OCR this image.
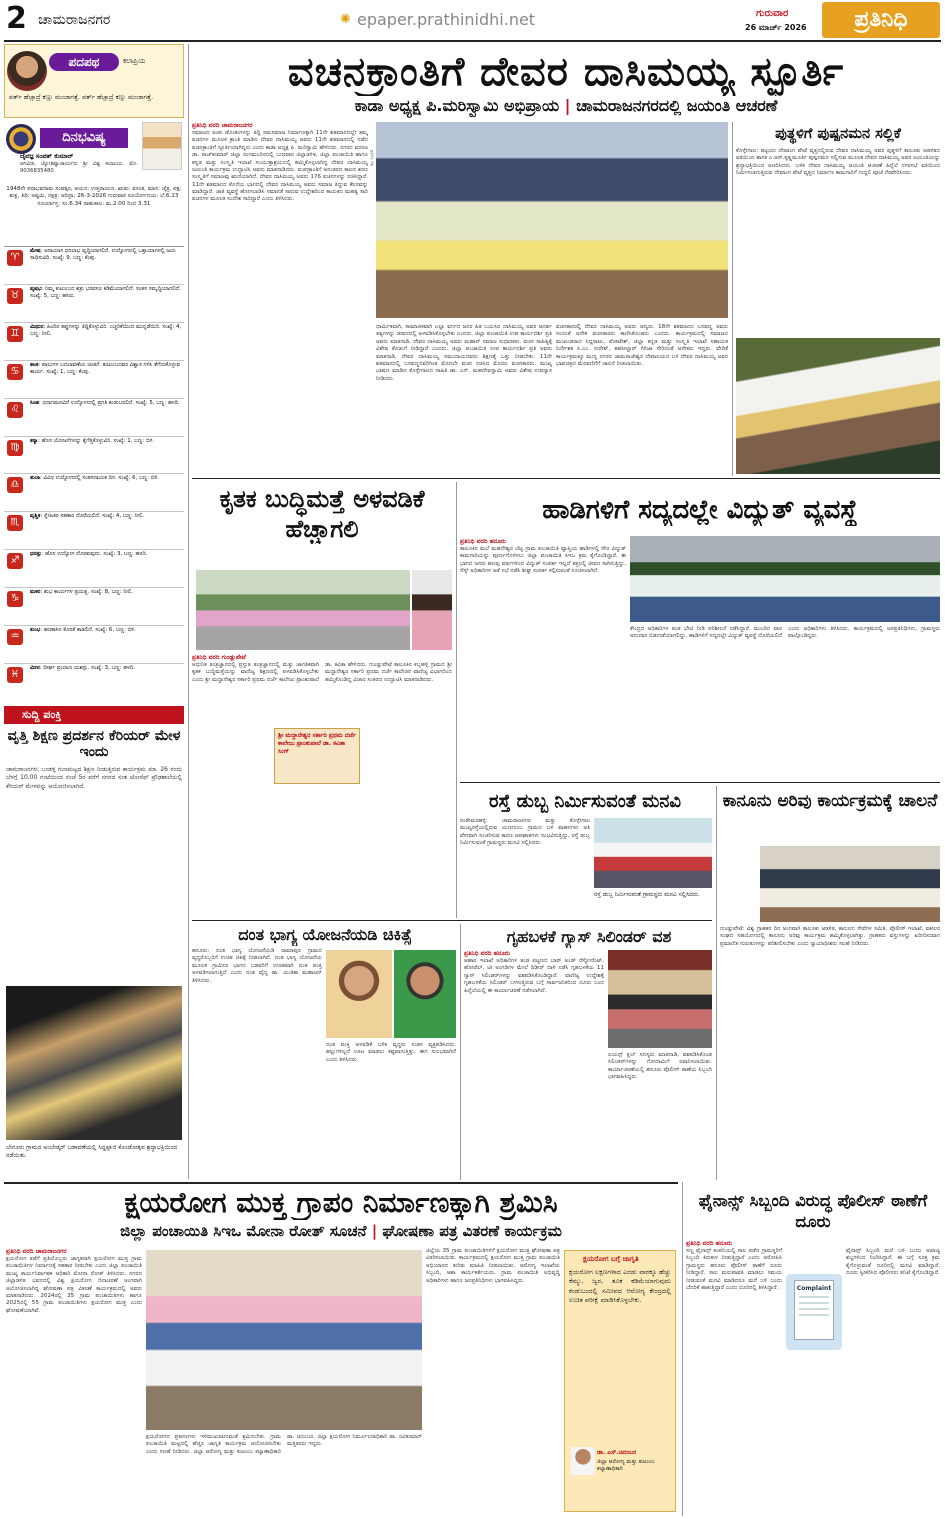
2 ಚಾಮರಾಜನಗರ	✺ epaper.prathinidhi.net	ಗುರುವಾರ
26 ಮಾರ್ಚ್ 2026	ಪ್ರತಿನಿಧಿ
ಪದಪಥ	ಕಲಾಪ್ರಿಯ
ವರ್ತ್ ಹೆಚ್ಚಾದ್ರೆ ಕಣ್ಣು ಮಂಜಾಗತ್ತೆ. ವರ್ತ್ ಹೆಚ್ಚಾದ್ರೆ ಕಣ್ಣು ಮಂಜಾಗತ್ತೆ.
ದಿನಭವಿಷ್ಯ
ದೈವಜ್ಞ ಸಂಪತ್ ಕುಮಾರ್
ಆಗಮಿಕ, ಜ್ಯೋತಿಷ್ಯಾಚಾರ್ಯರು ಶ್ರೀ ವಿಶ್ವ ಕಲಾಲಯ. ಮೊ. 9036835480
1948ನೇ ಪರಾಭವನಾಮ ಸಂವತ್ಸರ, ಆಯನ: ಉತ್ತರಾಯಣ, ಋತು: ವಸಂತ, ಮಾಸ: ಚೈತ್ರ, ಪಕ್ಷ: ಶುಕ್ಲ, ತಿಥಿ: ಅಷ್ಟಮಿ, ನಕ್ಷತ್ರ: ಆರಿದ್ರಾ, 26-3-2026 ಗುರುವಾರ ಸೂರ್ಯೋದಯ: ಬೆ.6.23 ಸೂರ್ಯಾಸ್ತ: ಸಂ.6.34 ರಾಹುಕಾಲ: ಮ.2.00 ರಿಂದ 3.31
♈
ಮೇಷ: ಅನಾಯಾಸ ಧನಲಾಭ ವೃದ್ಧಿಯಾಗಲಿದೆ. ಉದ್ಯೋಗದಲ್ಲಿ ಒತ್ತಾಯಾಗಳಲ್ಲಿ ಜಯ ಸಾಧಿಸುವಿರಿ. ಸಂಖ್ಯೆ: 9, ಬಣ್ಣ: ಕೆಂಪು.
♉
ವೃಷಭ: ನಿಮ್ಮ ಕುಟುಂಬದ ಶತ್ರು ಭರವಸೂ ಕಡಿಮೆಯಾಗಲಿದೆ. ಸಂತಸ ಸಮೃದ್ಧಿಯಾಗಲಿದೆ. ಸಂಖ್ಯೆ: 5, ಬಣ್ಣ: ಹಸಿರು.
♊
ಮಿಥುನ: ಹಿಂದಿನ ತಪ್ಪುಗಳನ್ನು ತಿದ್ದಿಕೊಳ್ಳುವಿರಿ. ಎಚ್ಚರಿಕೆಯಿಂದ ಮುನ್ನಡೆಯಿರಿ. ಸಂಖ್ಯೆ: 4, ಬಣ್ಣ: ನೀಲಿ.
♋
ಕಟಕ: ಪಾಲುಗಳ ಬದಲಾವಣೆಯ ಚಿಂತನೆ. ಕುಟುಂಬದವರ ವಿಶ್ವಾಸ ಗಳಿಸಿ ತೆಗೆದುಕೊಳ್ಳುವ ಕಾರ್ಯ. ಸಂಖ್ಯೆ: 1, ಬಣ್ಣ: ಕೆಂಪು.
♌
ಸಿಂಹ: ಧನಾಗಮನವಿದೆ ಉದ್ಯೋಗದಲ್ಲಿ ಪ್ರಗತಿ ಕಂಡುಬರಲಿದೆ. ಸಂಖ್ಯೆ: 5, ಬಣ್ಣ: ಹಳದಿ.
♍
ಕನ್ಯಾ: ಹೊಸ ಯೋಜನೆಗಳನ್ನು ಕೈಗೆತ್ತಿಕೊಳ್ಳುವಿರಿ. ಸಂಖ್ಯೆ: 1, ಬಣ್ಣ: ಬಿಳಿ.
♎
ತುಲಾ: ವಿವಿಧ ಉದ್ಯೋಗದಲ್ಲಿ ಸಂತಸದಾಯಕ ದಿನ. ಸಂಖ್ಯೆ: 6, ಬಣ್ಣ: ಬಿಳಿ.
♏
ವೃಶ್ಚಿಕ: ಸ್ನೇಹಿತರ ಸಹಕಾರ ದೊರೆಯಲಿದೆ. ಸಂಖ್ಯೆ: 4, ಬಣ್ಣ: ನೀಲಿ.
♐
ಧನಸ್ಸು: ಹೊಸ ಉದ್ಯೋಗ ದೊರಕುವುದು. ಸಂಖ್ಯೆ: 3, ಬಣ್ಣ: ಹಳದಿ.
♑
ಮಕರ: ಶುಭ ಕಾರ್ಯಗಳ ಪ್ರಯತ್ನ. ಸಂಖ್ಯೆ: 8, ಬಣ್ಣ: ನೀಲಿ.
♒
ಕುಂಭ: ಹಣಕಾಸಿನ ಕೊರತೆ ಕಾಡಲಿದೆ. ಸಂಖ್ಯೆ: 6, ಬಣ್ಣ: ಬಿಳಿ.
♓
ಮೀನ: ದೀರ್ಘ ಪ್ರಯಾಣ ಯಶಸ್ಸು. ಸಂಖ್ಯೆ: 3, ಬಣ್ಣ: ಹಳದಿ.
ಸುದ್ದಿ ಪಂಕ್ತಿ
ವೃತ್ತಿ ಶಿಕ್ಷಣ ಪ್ರದರ್ಶನ ಕೆರಿಯರ್ ಮೇಳ ಇಂದು
ಚಾಮರಾಜನಗರ: ಬಂಡಳ್ಳಿ ಗುಣಮಟ್ಟದ ಶಿಕ್ಷಣ ನೀಡುತ್ತಿರುವ ಕಾರ್ಯಕ್ರಮ ಮಾ. 26 ರಂದು ಬೆಳಗ್ಗೆ 10.00 ಗಂಟೆಯಿಂದ ಸಂಜೆ 5ರ ವರೆಗೆ ನಗರದ ಸಂತ ಜೋಸೆಫ್ ಪ್ರೌಢಶಾಲೆಯಲ್ಲಿ ಕೆರಿಯರ್ ಮೇಳವನ್ನು ಆಯೋಜಿಸಲಾಗಿದೆ.
ಬೇಗೂರು ಗ್ರಾಮದ ಅಂಬೇಡ್ಕರ್ ಬಡಾವಣೆಯಲ್ಲಿ ಸಿದ್ದಪ್ಪಾಜಿ ಕೊಂಡೋತ್ಸವ ಶ್ರದ್ಧಾಭಕ್ತಿಯಿಂದ ನಡೆಯಿತು.
ವಚನಕ್ರಾಂತಿಗೆ ದೇವರ ದಾಸಿಮಯ್ಯ ಸ್ಫೂರ್ತಿ
ಕಾಡಾ ಅಧ್ಯಕ್ಷ ಪಿ.ಮರಿಸ್ವಾಮಿ ಅಭಿಪ್ರಾಯ | ಚಾಮರಾಜನಗರದಲ್ಲಿ ಜಯಂತಿ ಆಚರಣೆ
ಪ್ರತಿನಿಧಿ ವರದಿ ಚಾಮರಾಜನಗರ
ಸಮಾಜದ ಅಂಕು ಡೊಂಕುಗಳನ್ನು ತಿದ್ದಿ ಸಮಸಮಾಜ ನಿರ್ಮಾಣಕ್ಕಾಗಿ 11ನೇ ಶತಮಾನದಲ್ಲೇ ತಮ್ಮ ವಚನಗಳ ಮೂಲಕ ಕ್ರಾಂತಿ ಮಾಡಿದ ದೇವರ ದಾಸಿಮಯ್ಯ ಅವರು 11ನೇ ಶತಮಾನದಲ್ಲಿ ನಡೆದ ವಚನಕ್ರಾಂತಿಗೆ ಸ್ಫೂರ್ತಿಯಾಗಿದ್ದರು ಎಂದು ಕಾಡಾ ಅಧ್ಯಕ್ಷ ಪಿ. ಮರಿಸ್ವಾಮಿ ಹೇಳಿದರು. ನಗರದ ವರನಟ ಡಾ. ರಾಜ್‍ಕುಮಾರ್ ಜಿಲ್ಲಾ ರಂಗಮಂದಿರದಲ್ಲಿ ಬುಧವಾರ ಜಿಲ್ಲಾಡಳಿತ, ಜಿಲ್ಲಾ ಪಂಚಾಯಿತಿ ಹಾಗೂ ಕನ್ನಡ ಮತ್ತು ಸಂಸ್ಕೃತಿ ಇಲಾಖೆ ಸಂಯುಕ್ತಾಶ್ರಯದಲ್ಲಿ ಹಮ್ಮಿಕೊಳ್ಳಲಾಗಿದ್ದ ದೇವರ ದಾಸಿಮಯ್ಯ ಜಯಂತಿ ಕಾರ್ಯಕ್ರಮ ಉದ್ಘಾಟಿಸಿ ಅವರು ಮಾತನಾಡಿದರು. ವಚನಕ್ರಾಂತಿಗೆ ಅನಂತರದ ಕಾಲದ ಶರಣ ಸಂಸ್ಕೃತಿಗೆ ಸಮಾಜವು ಋಣಿಯಾಗಿದೆ. ದೇವರ ದಾಸಿಮಯ್ಯ ಅವರು 176 ವಚನಗಳನ್ನು ರಚಿಸಿದ್ದಾರೆ. 11ನೇ ಶತಮಾನದ ಕೊನೆಯ ಭಾಗದಲ್ಲಿ ದೇವರ ದಾಸಿಮಯ್ಯ ಅವರು ಸಮಾಜ ತಿದ್ದುವ ಕೆಲಸವನ್ನು ಮಾಡಿದ್ದಾರೆ. ಜಾತಿ ವ್ಯವಸ್ಥೆ ಹೋಗಲಾಡಿಸಿ ಸಮಾನತೆ ಸಾರುವ ಉದ್ದೇಶದಿಂದ ಕಾಯಕದ ಮಹತ್ವ ಸಾರಿ ವಚನಗಳ ಮೂಲಕ ಸಂದೇಶ ಸಾರಿದ್ದಾರೆ ಎಂದು ತಿಳಿಸಿದರು.
ಪ್ರತಿನಿಧಿ ಚಿತ್ರ
ಧಾರ್ಮಿಕವಾಗಿ, ಸಾಮಾಜಿಕವಾಗಿ ಎಲ್ಲಾ ವರ್ಗದ ಜನರ ಹಿತ ಬಯಸಿದ ದಾಸಿಮಯ್ಯ ಅವರ ಆದರ್ಶ ತತ್ವಗಳನ್ನು ಜೀವನದಲ್ಲಿ ಅಳವಡಿಸಿಕೊಳ್ಳಬೇಕು ಎಂದರು. ಜಿಲ್ಲಾ ಪಂಚಾಯಿತಿ ಉಪ ಕಾರ್ಯದರ್ಶಿ ಪ್ರತಿ ಅವರು ಮಾತನಾಡಿ, ದೇವರ ದಾಸಿಮಯ್ಯ ಅವರು ಮಹಾನ್ ಸಮಾಜ ಸುಧಾರಕರು. ವಚನ ಸಾಹಿತ್ಯಕ್ಕೆ ವಿಶೇಷ ಕೊಡುಗೆ ನೀಡಿದ್ದಾರೆ ಎಂದರು. ಜಿಲ್ಲಾ ಪಂಚಾಯಿತಿ ಉಪ ಕಾರ್ಯದರ್ಶಿ ಪ್ರತಿ ಅವರು ಮಾತನಾಡಿ, ದೇವರ ದಾಸಿಮಯ್ಯ ಸಮುದಾಯದವರು ಶಿಕ್ಷಣಕ್ಕೆ ಒತ್ತು ನೀಡಬೇಕು. 11ನೇ ಶತಮಾನದಲ್ಲಿ ಬಸವಣ್ಣನವರಿಗಿಂತ ಮೊದಲೇ ವಚನ ರಚಿಸಿದ ಮೊದಲ ವಚನಕಾರರು. ಮುಖ್ಯ ಭಾಷಣ ಮಾಡಿದ ಕೊಳ್ಳೇಗಾಲದ ಸಾಹಿತಿ ಡಾ. ಎನ್. ಮಹದೇವಸ್ವಾಮಿ ಅವರು ವಿಶೇಷ ಉಪನ್ಯಾಸ ನೀಡಿದರು.
ವಚನಕಾರರಲ್ಲಿ ದೇವರ ದಾಸಿಮಯ್ಯ ಅವರು ಆದ್ಯರು. 18ನೇ ಶತಮಾನದ ಬಸವಣ್ಣ ಅವರು ಸಂದಂತೆ ಅನೇಕ ವಚನಕಾರರು ಕಾಣಿಸಿಕೊಂಡರು ಎಂದರು. ಕಾರ್ಯಕ್ರಮದಲ್ಲಿ ಸಮಾಜದ ಮುಖಂಡರಾದ ಸಿದ್ದರಾಜು, ವೆಂಕಟೇಶ್, ಜಿಲ್ಲಾ ಕನ್ನಡ ಮತ್ತು ಸಂಸ್ಕೃತಿ ಇಲಾಖೆ ಸಹಾಯಕ ನಿರ್ದೇಶಕ ಸಿ.ಎಂ. ಸುರೇಶ್, ತಹಸೀಲ್ದಾರ್ ಗಿರಿಜಾ ಸೇರಿದಂತೆ ಅನೇಕರು ಇದ್ದರು. ವೇದಿಕೆ ಕಾರ್ಯಕ್ರಮಕ್ಕೂ ಮುನ್ನ ನಗರದ ಚಾಮರಾಜೇಶ್ವರ ದೇವಾಲಯದ ಬಳಿ ದೇವರ ದಾಸಿಮಯ್ಯ ಅವರ ಭಾವಚಿತ್ರದ ಮೆರವಣಿಗೆಗೆ ಚಾಲನೆ ನೀಡಲಾಯಿತು.
ಪುತ್ಥಳಿಗೆ ಪುಷ್ಪನಮನ ಸಲ್ಲಿಕೆ
ಕೊಳ್ಳೇಗಾಲ: ಪಟ್ಟಣದ ದೇವಾಂಗ ಪೇಟೆ ವೃತ್ತದಲ್ಲಿರುವ ದೇವರ ದಾಸಿಮಯ್ಯ ಅವರ ಪುತ್ಥಳಿಗೆ ತಾಲೂಕು ಆಡಳಿತದ ವತಿಯಿಂದ ಶಾಸಕ ಎ.ಆರ್.ಕೃಷ್ಣಮೂರ್ತಿ ಪುಷ್ಪನಮನ ಸಲ್ಲಿಸುವ ಮೂಲಕ ದೇವರ ದಾಸಿಮಯ್ಯ ಅವರ ಜಯಂತಿಯನ್ನು ಶ್ರದ್ಧಾಭಕ್ತಿಯಿಂದ ಆಚರಿಸಿದರು. ಬಳಿಕ ದೇವರ ದಾಸಿಮಯ್ಯ ಜಯಂತಿ ಆಚರಣೆ ಹಿನ್ನೆಲೆ ನಗರಸಭೆ ವತಿಯಿಂದ ನಿರ್ಮಿಸಲಾಗುತ್ತಿರುವ ದೇವಾಂಗ ಪೇಟೆ ವೃತ್ತದ ನಿರ್ಮಾಣ ಕಾಮಗಾರಿಗೆ ಗುದ್ದಲಿ ಪೂಜೆ ನೆರವೇರಿಸಿದರು.
ಕೃತಕ ಬುದ್ಧಿಮತ್ತೆ ಅಳವಡಿಕೆ ಹೆಚ್ಚಾಗಲಿ
ಪ್ರತಿನಿಧಿ ವರದಿ ಗುಂಡ್ಲುಪೇಟೆ
ಆಧುನಿಕ ತಂತ್ರಜ್ಞಾನದಲ್ಲಿ ಪ್ರಸ್ತುತ ತಂತ್ರಜ್ಞಾನದಲ್ಲಿ ಮತ್ತು ಜಾಗತಿಕವಾಗಿ ಕೃತಕ ಬುದ್ಧಿಮತ್ತೆಯನ್ನು ವಾಣಿಜ್ಯ ಶಿಕ್ಷಣದಲ್ಲಿ ಅಳವಡಿಸಿಕೊಳ್ಳಬೇಕು ಎಂದು ಶ್ರೀ ಮದ್ದಾನೇಶ್ವರ ಸರ್ಕಾರಿ ಪ್ರಥಮ ದರ್ಜೆ ಕಾಲೇಜು ಪ್ರಾಂಶುಪಾಲೆ ಡಾ. ಕವಿತಾ ಹೇಳಿದರು. ಗುಂಡ್ಲುಪೇಟೆ ತಾಲೂಕಿನ ಕಬ್ಬಹಳ್ಳಿ ಗ್ರಾಮದ ಶ್ರೀ ಮದ್ದಾನೇಶ್ವರ ಸರ್ಕಾರಿ ಪ್ರಥಮ ದರ್ಜೆ ಕಾಲೇಜಿನ ವಾಣಿಜ್ಯ ವಿಭಾಗದಿಂದ ಹಮ್ಮಿಕೊಂಡಿದ್ದ ವಿಚಾರ ಸಂಕಿರಣ ಉದ್ಘಾಟಿಸಿ ಮಾತನಾಡಿದರು.
ಶ್ರೀ ಮದ್ದಾನೇಶ್ವರ ಸರ್ಕಾರಿ ಪ್ರಥಮ ದರ್ಜೆ ಕಾಲೇಜು ಪ್ರಾಂಶುಪಾಲೆ ಡಾ. ಕವಿತಾ ಸಿಂಗ್
ಹಾಡಿಗಳಿಗೆ ಸದ್ಯದಲ್ಲೇ ವಿದ್ಯುತ್ ವ್ಯವಸ್ಥೆ
ಪ್ರತಿನಿಧಿ ವರದಿ ಹನೂರು
ತಾಲೂಕಿನ ಮಲೆ ಮಹದೇಶ್ವರ ಬೆಟ್ಟ ಗ್ರಾಮ ಪಂಚಾಯಿತಿ ವ್ಯಾಪ್ತಿಯ ಹಾಡಿಗಳಲ್ಲಿ ಸೌರ ವಿದ್ಯುತ್ ಕಾಮಗಾರಿಯನ್ನು ಪೂರ್ಣಗೊಳಿಸಲು ಜಿಲ್ಲಾ ಪಂಚಾಯಿತಿ ಸಿಇಒ ಕ್ರಮ ಕೈಗೊಂಡಿದ್ದಾರೆ. ಈ ಭಾಗದ ಜನರು ಹಲವು ವರ್ಷಗಳಿಂದ ವಿದ್ಯುತ್ ಸಂಪರ್ಕ ಇಲ್ಲದೆ ಕತ್ತಲಲ್ಲಿ ಜೀವನ ಸಾಗಿಸುತ್ತಿದ್ದು, ಸೆಸ್ಕ್ ಅಧಿಕಾರಿಗಳ ಜತೆ ಸಭೆ ನಡೆಸಿ ಶೀಘ್ರ ಸಂಪರ್ಕ ಕಲ್ಪಿಸುವಂತೆ ಸೂಚಿಸಲಾಗಿದೆ.
ಕೇಂದ್ರದ ಅಧಿಕಾರಿಗಳ ತಂಡ ಭೇಟಿ ನೀಡಿ ಪರಿಶೀಲನೆ ನಡೆಸಿದ್ದಾರೆ. ಮುಂದಿನ ವಾರ ಅನುದಾನ ಬಿಡುಗಡೆಯಾಗಲಿದ್ದು, ಹಾಡಿಗಳಿಗೆ ಸದ್ಯದಲ್ಲೇ ವಿದ್ಯುತ್ ವ್ಯವಸ್ಥೆ ದೊರೆಯಲಿದೆ ಎಂದು ಅಧಿಕಾರಿಗಳು ತಿಳಿಸಿದರು. ಕಾರ್ಯಕ್ರಮದಲ್ಲಿ ಜನಪ್ರತಿನಿಧಿಗಳು, ಗ್ರಾಮಸ್ಥರು ಪಾಲ್ಗೊಂಡಿದ್ದರು.
ರಸ್ತೆ ಡುಬ್ಬ ನಿರ್ಮಿಸುವಂತೆ ಮನವಿ
ಸಂತೇಮರಹಳ್ಳಿ: ಚಾಮರಾಜನಗರ ಮತ್ತು ಕೊಳ್ಳೇಗಾಲ ಮುಖ್ಯರಸ್ತೆಯಲ್ಲಿರುವ ಯಣಗುಂಬ ಗ್ರಾಮದ ಬಳಿ ವಾಹನಗಳು ಅತಿ ವೇಗವಾಗಿ ಸಂಚರಿಸುವ ಕಾರಣ ಅಪಘಾತಗಳು ಸಂಭವಿಸುತ್ತಿದ್ದು, ರಸ್ತೆ ಡುಬ್ಬ ನಿರ್ಮಿಸುವಂತೆ ಗ್ರಾಮಸ್ಥರು ಮನವಿ ಸಲ್ಲಿಸಿದರು.
ರಸ್ತೆ ಡುಬ್ಬ ನಿರ್ಮಿಸುವಂತೆ ಗ್ರಾಮಸ್ಥರು ಮನವಿ ಸಲ್ಲಿಸಿದರು.
ಕಾನೂನು ಅರಿವು ಕಾರ್ಯಕ್ರಮಕ್ಕೆ ಚಾಲನೆ
ಗುಂಡ್ಲುಪೇಟೆ: ವಿಶ್ವ ಗ್ರಾಹಕರ ದಿನ ಅಂಗವಾಗಿ ತಾಲೂಕು ಆಡಳಿತ, ಕಾನೂನು ಸೇವೆಗಳ ಸಮಿತಿ, ಪೊಲೀಸ್ ಇಲಾಖೆ, ವಕೀಲರ ಸಂಘದ ಸಹಯೋಗದಲ್ಲಿ ಕಾನೂನು ಅರಿವು ಕಾರ್ಯಕ್ರಮ ಹಮ್ಮಿಕೊಳ್ಳಲಾಗಿತ್ತು. ಗ್ರಾಹಕರು ವಸ್ತುಗಳನ್ನು ಖರೀದಿಸುವಾಗ ಪ್ರಮಾಣಿತ ಗುರುತುಗಳನ್ನು ಪರಿಶೀಲಿಸಬೇಕು ಎಂದು ನ್ಯಾಯಾಧೀಶರು ಸಲಹೆ ನೀಡಿದರು.
ದಂತ ಭಾಗ್ಯ ಯೋಜನೆಯಡಿ ಚಿಕಿತ್ಸೆ
ಹನೂರು: ದಂತ ಭಾಗ್ಯ ಯೋಜನೆಯಡಿ ರಾಮಾಪುರ ಗ್ರಾಮದ ವೃದ್ಧರೊಬ್ಬರಿಗೆ ಉಚಿತ ಚಿಕಿತ್ಸೆ ನೀಡಲಾಗಿದೆ. ದಂತ ಭಾಗ್ಯ ಯೋಜನೆಯ ಮೂಲಕ ಗ್ರಾಮೀಣ ಭಾಗದ ಬಡವರಿಗೆ ಉಚಿತವಾಗಿ ದಂತ ಪಂಕ್ತಿ ಅಳವಡಿಸಲಾಗುತ್ತಿದೆ ಎಂದು ದಂತ ವೈದ್ಯ ಡಾ. ಯುತಿಕಾ ಮಹಾಜನ್ ತಿಳಿಸಿದರು.
ದಂತ ಪಂಕ್ತಿ ಅಳವಡಿಕೆ ಬಳಿಕ ವೃದ್ಧರು ಸಂತಸ ವ್ಯಕ್ತಪಡಿಸಿದರು. ಹಲ್ಲುಗಳಿಲ್ಲದೆ ಊಟ ಮಾಡಲು ಕಷ್ಟವಾಗುತ್ತಿತ್ತು, ಈಗ ಸುಲಭವಾಗಿದೆ ಎಂದು ತಿಳಿಸಿದರು.
ಗೃಹಬಳಕೆ ಗ್ಯಾಸ್ ಸಿಲಿಂಡರ್ ವಶ
ಪ್ರತಿನಿಧಿ ವರದಿ ಹನೂರು
ಆಹಾರ ಇಲಾಖೆ ಅಧಿಕಾರಿಗಳ ತಂಡ ಪಟ್ಟಣದ ಬಾರ್ ಅಂಡ್ ರೆಸ್ಟೋರೆಂಟ್, ಹೋಟೆಲ್, ಟೀ ಅಂಗಡಿಗಳ ಮೇಲೆ ದಿಢೀರ್ ದಾಳಿ ನಡೆಸಿ ಗೃಹಬಳಕೆಯ 11 ಗ್ಯಾಸ್ ಸಿಲಿಂಡರ್‌ಗಳನ್ನು ವಶಪಡಿಸಿಕೊಂಡಿದ್ದಾರೆ. ವಾಣಿಜ್ಯ ಉದ್ದೇಶಕ್ಕೆ ಗೃಹಬಳಕೆಯ ಸಿಲಿಂಡರ್ ಬಳಸುತ್ತಿರುವ ಬಗ್ಗೆ ಸಾರ್ವಜನಿಕರಿಂದ ದೂರು ಬಂದ ಹಿನ್ನೆಲೆಯಲ್ಲಿ ಈ ಕಾರ್ಯಾಚರಣೆ ನಡೆಸಲಾಗಿದೆ.
ಲಯನ್ಸ್ ಕ್ಲಬ್ ಸದಸ್ಯರು ಮಾತನಾಡಿ, ವಶಪಡಿಸಿಕೊಂಡ ಸಿಲಿಂಡರ್‌ಗಳನ್ನು ಗೋದಾಮಿಗೆ ರವಾನಿಸಲಾಯಿತು. ಕಾರ್ಯಾಚರಣೆಯಲ್ಲಿ ಹನೂರು ಪೊಲೀಸ್ ಠಾಣೆಯ ಸಿಬ್ಬಂದಿ ಭಾಗವಹಿಸಿದ್ದರು.
ಕ್ಷಯರೋಗ ಮುಕ್ತ ಗ್ರಾಪಂ ನಿರ್ಮಾಣಕ್ಕಾಗಿ ಶ್ರಮಿಸಿ
ಜಿಲ್ಲಾ ಪಂಚಾಯಿತಿ ಸಿಇಒ ಮೋನಾ ರೋತ್ ಸೂಚನೆ | ಘೋಷಣಾ ಪತ್ರ ವಿತರಣೆ ಕಾರ್ಯಕ್ರಮ
ಪ್ರತಿನಿಧಿ ವರದಿ ಚಾಮರಾಜನಗರ
ಕ್ಷಯರೋಗ ತಡೆಗೆ ಪ್ರತಿಯೊಬ್ಬರು ಜಾಗೃತರಾಗಿ ಕ್ಷಯರೋಗ ಮುಕ್ತ ಗ್ರಾಮ ಪಂಚಾಯಿತಿಗಳ ನಿರ್ಮಾಣಕ್ಕೆ ಸಹಕಾರ ನೀಡಬೇಕು ಎಂದು ಜಿಲ್ಲಾ ಪಂಚಾಯಿತಿ ಮುಖ್ಯ ಕಾರ್ಯನಿರ್ವಾಹಕ ಅಧಿಕಾರಿ ಮೋನಾ ರೋತ್ ತಿಳಿಸಿದರು. ನಗರದ ಜಿಲ್ಲಾಡಳಿತ ಭವನದಲ್ಲಿ ವಿಶ್ವ ಕ್ಷಯರೋಗ ದಿನಾಚರಣೆ ಅಂಗವಾಗಿ ಆಯೋಜಿಸಲಾಗಿದ್ದ ಘೋಷಣಾ ಪತ್ರ ವಿತರಣೆ ಕಾರ್ಯಕ್ರಮದಲ್ಲಿ ಅವರು ಮಾತನಾಡಿದರು. 2024ರಲ್ಲಿ 35 ಗ್ರಾಮ ಪಂಚಾಯಿತಿಗಳು ಹಾಗೂ 2025ರಲ್ಲಿ 55 ಗ್ರಾಮ ಪಂಚಾಯಿತಿಗಳು ಕ್ಷಯರೋಗ ಮುಕ್ತ ಎಂದು ಘೋಷಣೆಯಾಗಿವೆ.
ಕ್ಷಯರೋಗದ ಪ್ರಕರಣಗಳು ಇಳಿಮುಖವಾಗುವಂತೆ ಶ್ರಮಿಸಬೇಕು. ಗ್ರಾಮ ಪಂಚಾಯಿತಿ ಮಟ್ಟದಲ್ಲಿ ಹೆಚ್ಚಿನ ಜಾಗೃತಿ ಕಾರ್ಯಕ್ರಮ ಆಯೋಜಿಸಬೇಕು ಎಂದು ಸಲಹೆ ನೀಡಿದರು. ಜಿಲ್ಲಾ ಆರೋಗ್ಯ ಮತ್ತು ಕುಟುಂಬ ಕಲ್ಯಾಣಾಧಿಕಾರಿ ಡಾ. ಚಿದಂಬರ, ಜಿಲ್ಲಾ ಕ್ಷಯರೋಗ ನಿರ್ಮೂಲನಾಧಿಕಾರಿ ಡಾ. ರವಿಕುಮಾರ್ ಮತ್ತಿತರರು ಇದ್ದರು.
ಜಿಲ್ಲೆಯ 35 ಗ್ರಾಮ ಪಂಚಾಯಿತಿಗಳಿಗೆ ಕ್ಷಯರೋಗ ಮುಕ್ತ ಘೋಷಣಾ ಪತ್ರ ವಿತರಿಸಲಾಯಿತು. ಕಾರ್ಯಕ್ರಮದಲ್ಲಿ ಕ್ಷಯರೋಗ ಮುಕ್ತ ಗ್ರಾಮ ಪಂಚಾಯಿತಿ ಅಭಿಯಾನದ ಕುರಿತು ಮಾಹಿತಿ ನೀಡಲಾಯಿತು. ಆರೋಗ್ಯ ಇಲಾಖೆಯ ಸಿಬ್ಬಂದಿ, ಆಶಾ ಕಾರ್ಯಕರ್ತೆಯರು, ಗ್ರಾಮ ಪಂಚಾಯಿತಿ ಅಭಿವೃದ್ಧಿ ಅಧಿಕಾರಿಗಳು ಹಾಗೂ ಜನಪ್ರತಿನಿಧಿಗಳು ಭಾಗವಹಿಸಿದ್ದರು.
ಕ್ಷಯರೋಗ ಬಗ್ಗೆ ಜಾಗೃತಿ
ಕ್ಷಯರೋಗ ಲಕ್ಷಣಗಳಾದ ಎರಡು ವಾರಕ್ಕೂ ಹೆಚ್ಚು ಕೆಮ್ಮು, ಜ್ವರ, ತೂಕ ಕಡಿಮೆಯಾಗುವುದು ಕಂಡುಬಂದಲ್ಲಿ ಸಮೀಪದ ಆರೋಗ್ಯ ಕೇಂದ್ರದಲ್ಲಿ ಉಚಿತ ಪರೀಕ್ಷೆ ಮಾಡಿಸಿಕೊಳ್ಳಬೇಕು.
ಡಾ. ಎಸ್.ಚಿದಂಬರ
ಜಿಲ್ಲಾ ಆರೋಗ್ಯ ಮತ್ತು ಕುಟುಂಬ ಕಲ್ಯಾಣಾಧಿಕಾರಿ
ಫೈನಾನ್ಸ್ ಸಿಬ್ಬಂದಿ ವಿರುದ್ಧ ಪೊಲೀಸ್ ಠಾಣೆಗೆ ದೂರು
ಪ್ರತಿನಿಧಿ ವರದಿ ಹನೂರು
ಸಣ್ಣ ಫೈನಾನ್ಸ್ ಕಂಪನಿಯಲ್ಲಿ ಸಾಲ ಪಡೆದ ಗ್ರಾಮಸ್ಥರಿಗೆ ಸಿಬ್ಬಂದಿ ಕಿರುಕುಳ ನೀಡುತ್ತಿದ್ದಾರೆ ಎಂದು ಆರೋಪಿಸಿ ಗ್ರಾಮಸ್ಥರು ಹನೂರು ಪೊಲೀಸ್ ಠಾಣೆಗೆ ದೂರು ನೀಡಿದ್ದಾರೆ. ಸಾಲ ಮರುಪಾವತಿ ಮಾಡಲು ಸಮಯ ನೀಡುವಂತೆ ಮನವಿ ಮಾಡಿದರೂ ಮನೆ ಬಳಿ ಬಂದು ಬೆದರಿಕೆ ಹಾಕುತ್ತಿದ್ದಾರೆ ಎಂದು ದೂರಿನಲ್ಲಿ ತಿಳಿಸಿದ್ದಾರೆ.	Complaint
ಫೈನಾನ್ಸ್ ಸಿಬ್ಬಂದಿ ಮನೆ ಬಳಿ ಬಂದು ಅವಾಚ್ಯ ಶಬ್ದಗಳಿಂದ ನಿಂದಿಸಿದ್ದಾರೆ. ಈ ಬಗ್ಗೆ ಸೂಕ್ತ ಕ್ರಮ ಕೈಗೊಳ್ಳುವಂತೆ ದೂರಿನಲ್ಲಿ ಮನವಿ ಮಾಡಿದ್ದಾರೆ. ದೂರು ಸ್ವೀಕರಿಸಿದ ಪೊಲೀಸರು ತನಿಖೆ ಕೈಗೊಂಡಿದ್ದಾರೆ.
